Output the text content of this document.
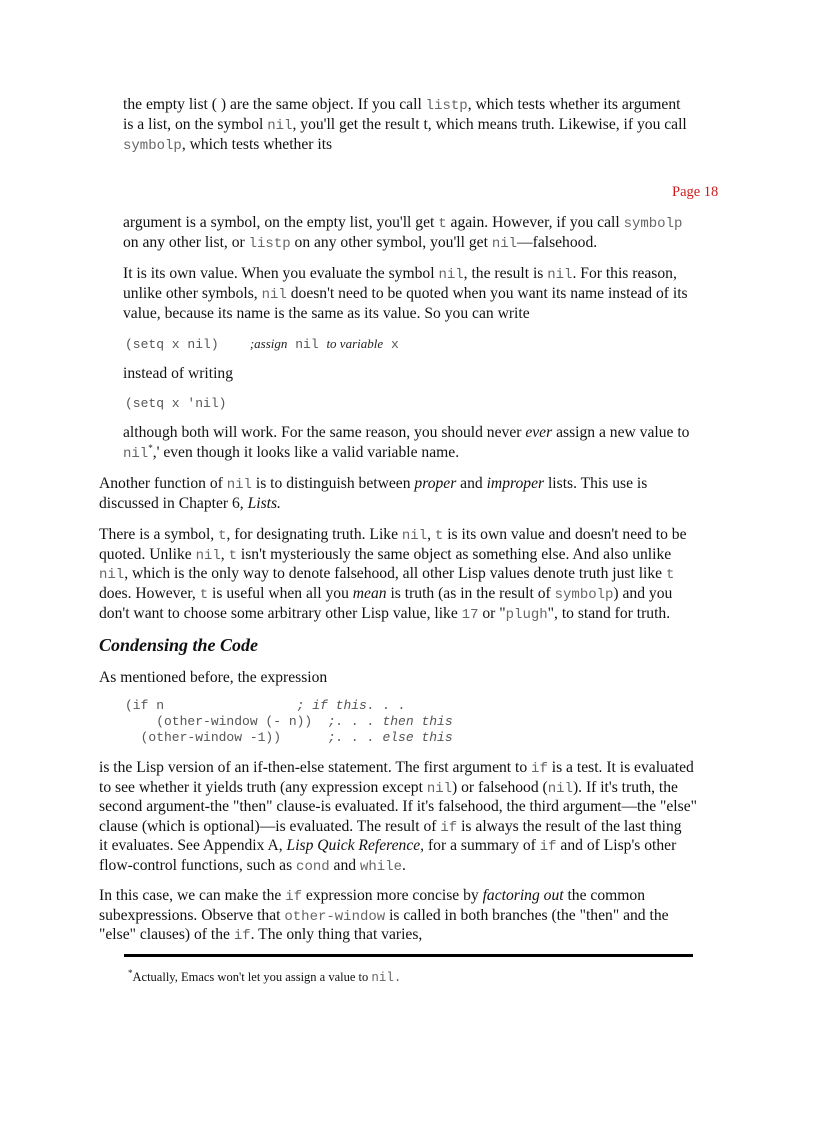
the empty list ( ) are the same object. If you call listp, which tests whether its argument

is a list, on the symbol nil, you'll get the result t, which means truth. Likewise, if you call

symbolp, which tests whether its

Page 18

argument is a symbol, on the empty list, you'll get t again. However, if you call symbolp

on any other list, or listp on any other symbol, you'll get nil—falsehood.

It is its own value. When you evaluate the symbol nil, the result is nil. For this reason,

unlike other symbols, nil doesn't need to be quoted when you want its name instead of its

value, because its name is the same as its value. So you can write

(setq x nil) ;assign nil to variable x

instead of writing

(setq x 'nil)

although both will work. For the same reason, you should never ever assign a new value to

nil*,' even though it looks like a valid variable name.

Another function of nil is to distinguish between proper and improper lists. This use is

discussed in Chapter 6, Lists.

There is a symbol, t, for designating truth. Like nil, t is its own value and doesn't need to be

quoted. Unlike nil, t isn't mysteriously the same object as something else. And also unlike

nil, which is the only way to denote falsehood, all other Lisp values denote truth just like t

does. However, t is useful when all you mean is truth (as in the result of symbolp) and you

don't want to choose some arbitrary other Lisp value, like 17 or "plugh", to stand for truth.

Condensing the Code

As mentioned before, the expression

(if n                 ; if this. . .
(other-window (- n))  ;. . . then this
(other-window -1))      ;. . . else this

is the Lisp version of an if-then-else statement. The first argument to if is a test. It is evaluated

to see whether it yields truth (any expression except nil) or falsehood (nil). If it's truth, the

second argument-the "then" clause-is evaluated. If it's falsehood, the third argument—the "else"

clause (which is optional)—is evaluated. The result of if is always the result of the last thing

it evaluates. See Appendix A, Lisp Quick Reference, for a summary of if and of Lisp's other

flow-control functions, such as cond and while.

In this case, we can make the if expression more concise by factoring out the common

subexpressions. Observe that other-window is called in both branches (the "then" and the

"else" clauses) of the if. The only thing that varies,

*Actually, Emacs won't let you assign a value to nil.
